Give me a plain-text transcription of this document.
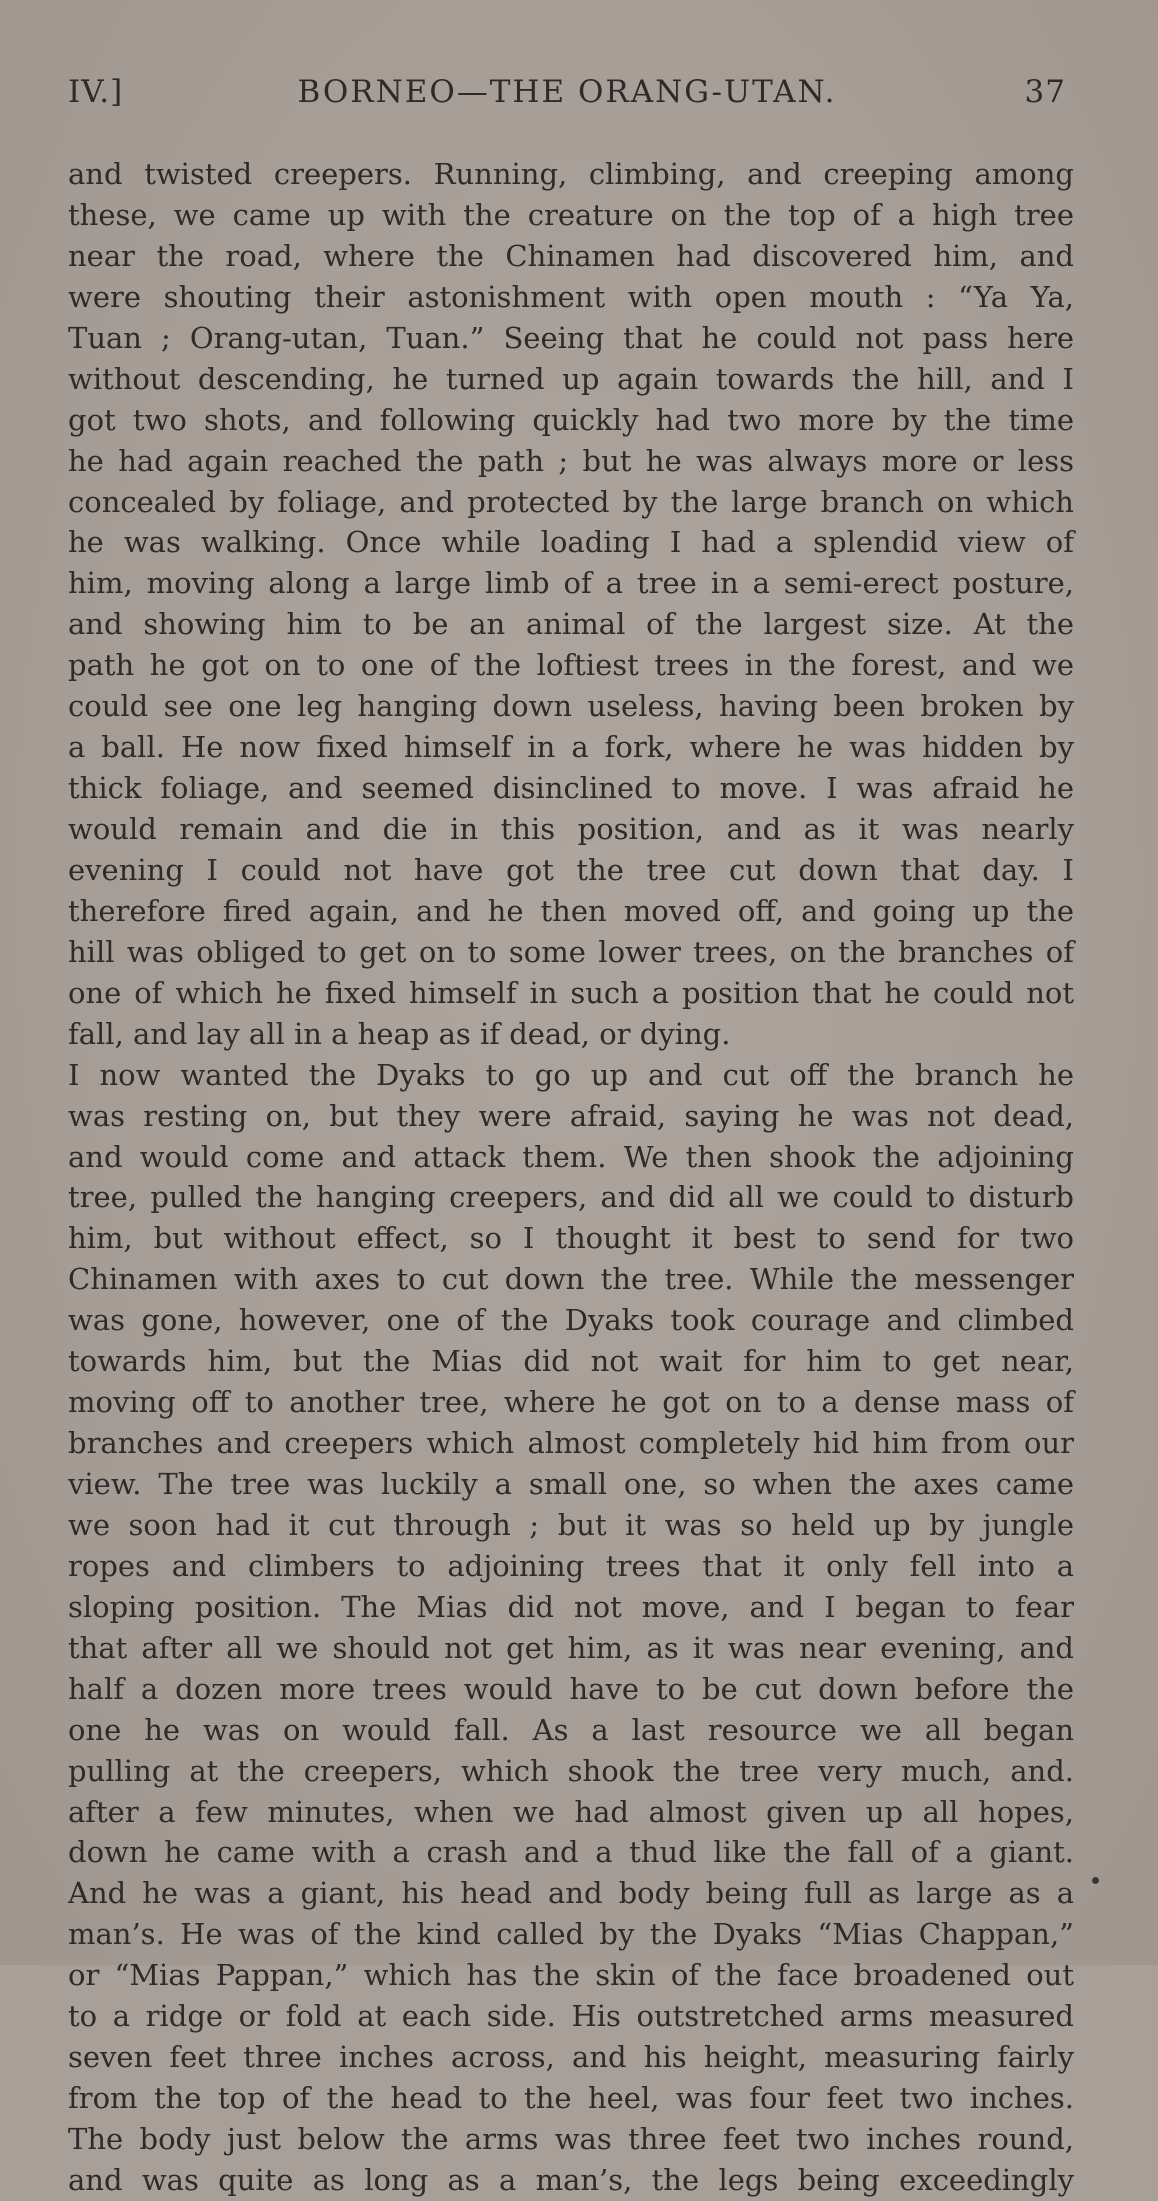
IV.]	BORNEO—THE ORANG-UTAN.	37
and twisted creepers. Running, climbing, and creeping among
these, we came up with the creature on the top of a high tree
near the road, where the Chinamen had discovered him, and
were shouting their astonishment with open mouth : “Ya Ya,
Tuan ; Orang-utan, Tuan.” Seeing that he could not pass here
without descending, he turned up again towards the hill, and I
got two shots, and following quickly had two more by the time
he had again reached the path ; but he was always more or less
concealed by foliage, and protected by the large branch on which
he was walking. Once while loading I had a splendid view of
him, moving along a large limb of a tree in a semi-erect posture,
and showing him to be an animal of the largest size. At the
path he got on to one of the loftiest trees in the forest, and we
could see one leg hanging down useless, having been broken by
a ball. He now fixed himself in a fork, where he was hidden by
thick foliage, and seemed disinclined to move. I was afraid he
would remain and die in this position, and as it was nearly
evening I could not have got the tree cut down that day. I
therefore fired again, and he then moved off, and going up the
hill was obliged to get on to some lower trees, on the branches of
one of which he fixed himself in such a position that he could not
fall, and lay all in a heap as if dead, or dying.
I now wanted the Dyaks to go up and cut off the branch he
was resting on, but they were afraid, saying he was not dead,
and would come and attack them. We then shook the adjoining
tree, pulled the hanging creepers, and did all we could to disturb
him, but without effect, so I thought it best to send for two
Chinamen with axes to cut down the tree. While the messenger
was gone, however, one of the Dyaks took courage and climbed
towards him, but the Mias did not wait for him to get near,
moving off to another tree, where he got on to a dense mass of
branches and creepers which almost completely hid him from our
view. The tree was luckily a small one, so when the axes came
we soon had it cut through ; but it was so held up by jungle
ropes and climbers to adjoining trees that it only fell into a
sloping position. The Mias did not move, and I began to fear
that after all we should not get him, as it was near evening, and
half a dozen more trees would have to be cut down before the
one he was on would fall. As a last resource we all began
pulling at the creepers, which shook the tree very much, and.
after a few minutes, when we had almost given up all hopes,
down he came with a crash and a thud like the fall of a giant.
And he was a giant, his head and body being full as large as a
man’s. He was of the kind called by the Dyaks “Mias Chappan,”
or “Mias Pappan,” which has the skin of the face broadened out
to a ridge or fold at each side. His outstretched arms measured
seven feet three inches across, and his height, measuring fairly
from the top of the head to the heel, was four feet two inches.
The body just below the arms was three feet two inches round,
and was quite as long as a man’s, the legs being exceedingly
